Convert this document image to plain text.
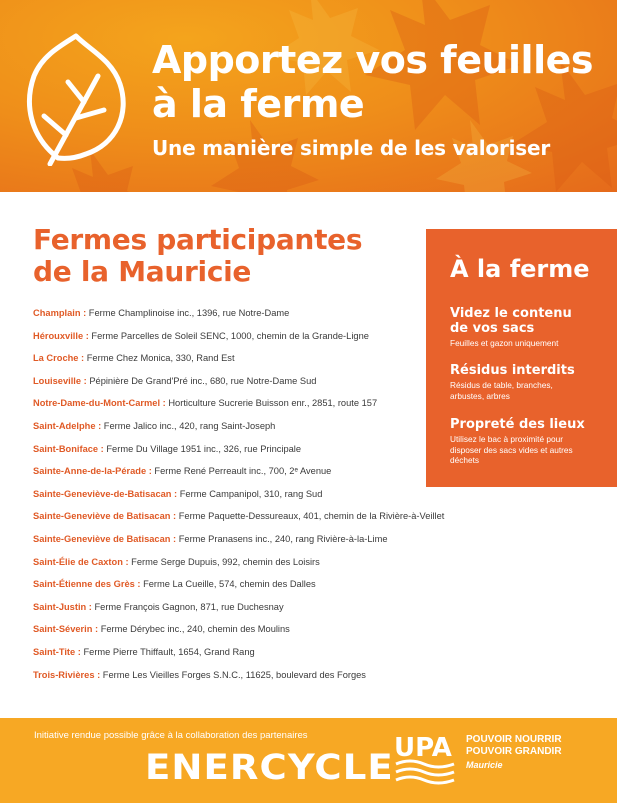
Apportez vos feuilles
à la ferme

Une manière simple de les valoriser

Fermes participantes
de la Mauricie
Champlain : Ferme Champlinoise inc., 1396, rue Notre-Dame
Hérouxville : Ferme Parcelles de Soleil SENC, 1000, chemin de la Grande-Ligne
La Croche : Ferme Chez Monica, 330, Rand Est
Louiseville : Pépinière De Grand'Pré inc., 680, rue Notre-Dame Sud
Notre-Dame-du-Mont-Carmel : Horticulture Sucrerie Buisson enr., 2851, route 157
Saint-Adelphe : Ferme Jalico inc., 420, rang Saint-Joseph
Saint-Boniface : Ferme Du Village 1951 inc., 326, rue Principale
Sainte-Anne-de-la-Pérade : Ferme René Perreault inc., 700, 2ᵉ Avenue
Sainte-Geneviève-de-Batisacan : Ferme Campanipol, 310, rang Sud
Sainte-Geneviève de Batisacan : Ferme Paquette-Dessureaux, 401, chemin de la Rivière-à-Veillet
Sainte-Geneviève de Batisacan : Ferme Pranasens inc., 240, rang Rivière-à-la-Lime
Saint-Élie de Caxton : Ferme Serge Dupuis, 992, chemin des Loisirs
Saint-Étienne des Grès : Ferme La Cueille, 574, chemin des Dalles
Saint-Justin : Ferme François Gagnon, 871, rue Duchesnay
Saint-Séverin : Ferme Dérybec inc., 240, chemin des Moulins
Saint-Tite : Ferme Pierre Thiffault, 1654, Grand Rang
Trois-Rivières : Ferme Les Vieilles Forges S.N.C., 11625, boulevard des Forges
À la ferme
Videz le contenu
de vos sacs

Feuilles et gazon uniquement

Résidus interdits

Résidus de table, branches, arbustes, arbres

Propreté des lieux

Utilisez le bac à proximité pour disposer des sacs vides et autres déchets

Initiative rendue possible grâce à la collaboration des partenaires
ENERCYCLE UPA POUVOIR NOURRIR
POUVOIR GRANDIR
Mauricie
